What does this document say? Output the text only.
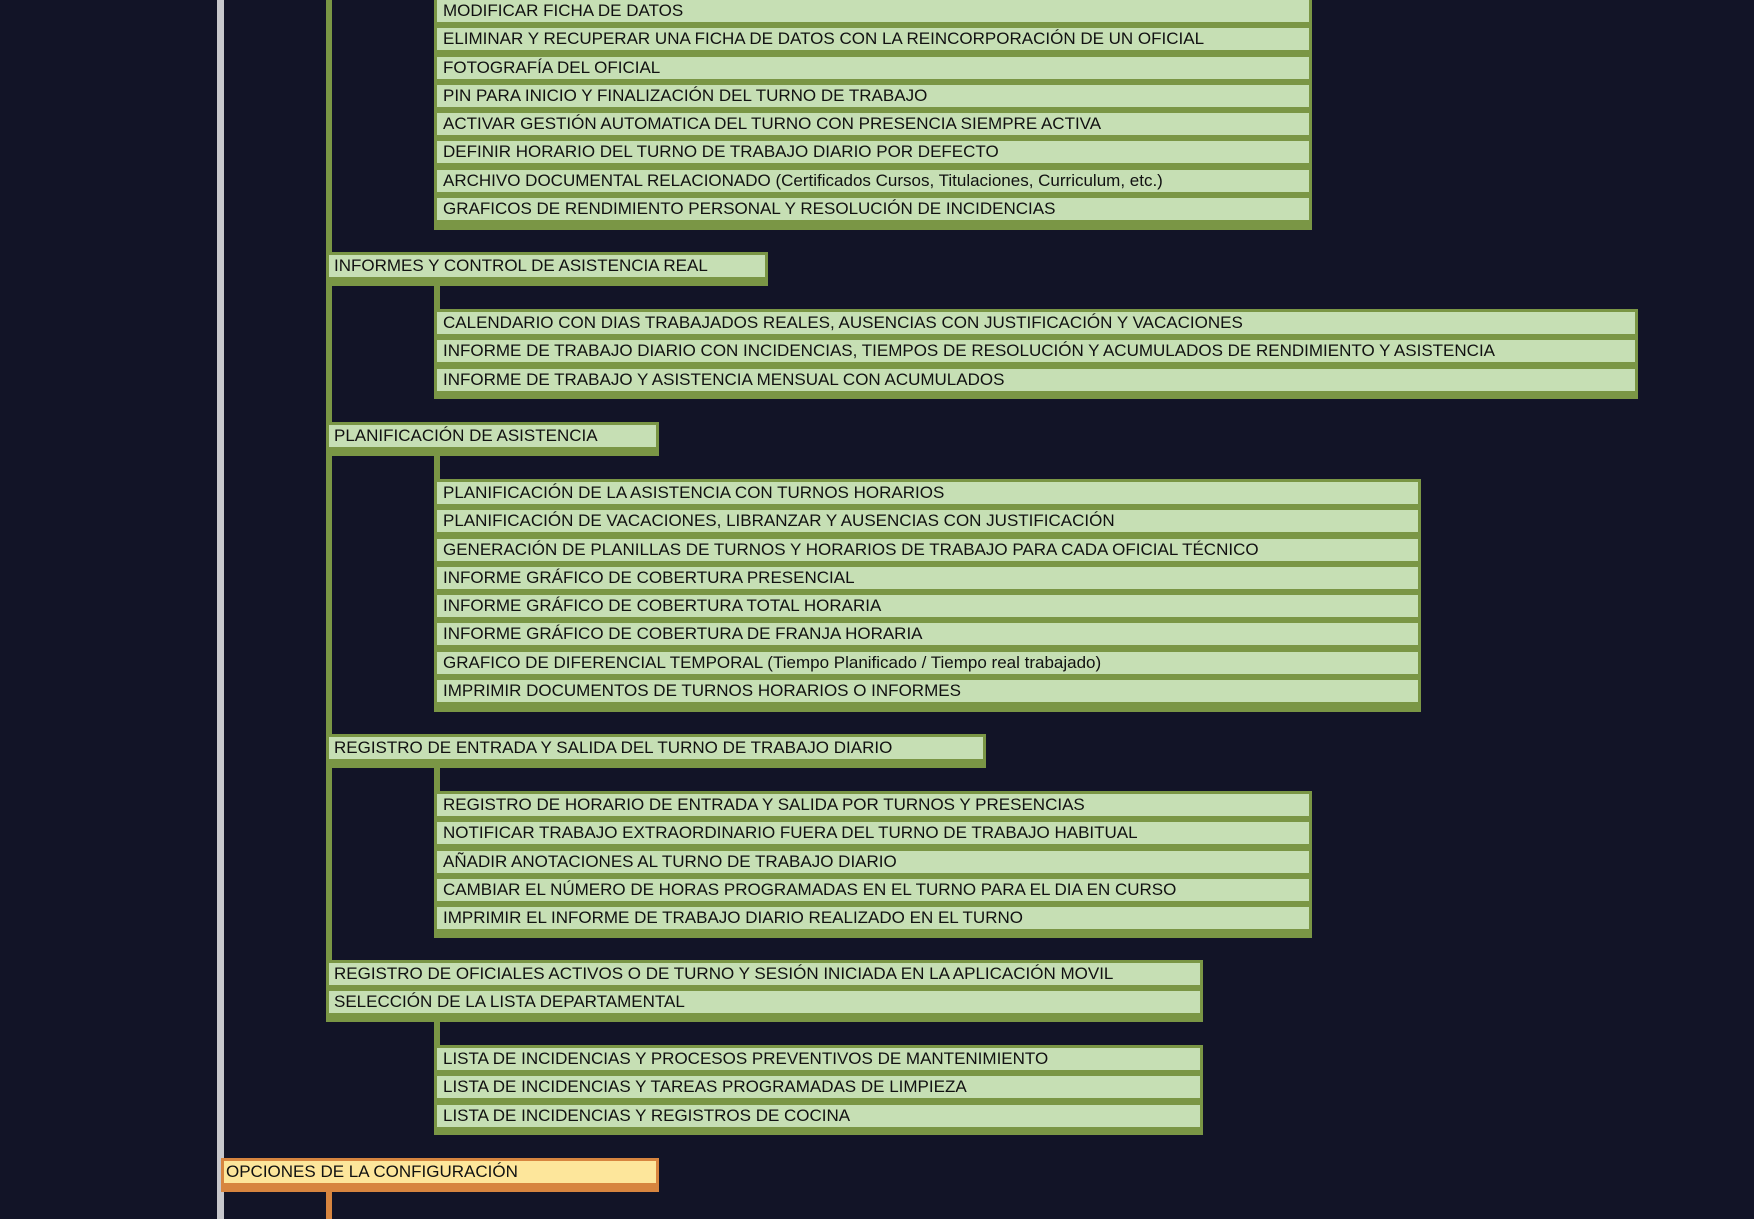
MODIFICAR FICHA DE DATOS
ELIMINAR Y RECUPERAR UNA FICHA DE DATOS CON LA REINCORPORACIÓN DE UN OFICIAL
FOTOGRAFÍA DEL OFICIAL
PIN PARA INICIO Y FINALIZACIÓN DEL TURNO DE TRABAJO
ACTIVAR GESTIÓN AUTOMATICA DEL TURNO CON PRESENCIA SIEMPRE ACTIVA
DEFINIR HORARIO DEL TURNO DE TRABAJO DIARIO POR DEFECTO
ARCHIVO DOCUMENTAL RELACIONADO (Certificados Cursos, Titulaciones, Curriculum, etc.)
GRAFICOS DE RENDIMIENTO PERSONAL Y RESOLUCIÓN DE INCIDENCIAS
INFORMES Y CONTROL DE ASISTENCIA REAL
CALENDARIO CON DIAS TRABAJADOS REALES, AUSENCIAS CON JUSTIFICACIÓN Y VACACIONES
INFORME DE TRABAJO DIARIO CON INCIDENCIAS, TIEMPOS DE RESOLUCIÓN Y ACUMULADOS DE RENDIMIENTO Y ASISTENCIA
INFORME DE TRABAJO Y ASISTENCIA MENSUAL CON ACUMULADOS
PLANIFICACIÓN DE ASISTENCIA
PLANIFICACIÓN DE LA ASISTENCIA CON TURNOS HORARIOS
PLANIFICACIÓN DE VACACIONES, LIBRANZAR Y AUSENCIAS CON JUSTIFICACIÓN
GENERACIÓN DE PLANILLAS DE TURNOS Y HORARIOS DE TRABAJO PARA CADA OFICIAL TÉCNICO
INFORME GRÁFICO DE COBERTURA PRESENCIAL
INFORME GRÁFICO DE COBERTURA TOTAL HORARIA
INFORME GRÁFICO DE COBERTURA DE FRANJA HORARIA
GRAFICO DE DIFERENCIAL TEMPORAL (Tiempo Planificado / Tiempo real trabajado)
IMPRIMIR DOCUMENTOS DE TURNOS HORARIOS O INFORMES
REGISTRO DE ENTRADA Y SALIDA DEL TURNO DE TRABAJO DIARIO
REGISTRO DE HORARIO DE ENTRADA Y SALIDA POR TURNOS Y PRESENCIAS
NOTIFICAR TRABAJO EXTRAORDINARIO FUERA DEL TURNO DE TRABAJO HABITUAL
AÑADIR ANOTACIONES AL TURNO DE TRABAJO DIARIO
CAMBIAR EL NÚMERO DE HORAS PROGRAMADAS EN EL TURNO PARA EL DIA EN CURSO
IMPRIMIR EL INFORME DE TRABAJO DIARIO REALIZADO EN EL TURNO
REGISTRO DE OFICIALES ACTIVOS O DE TURNO Y SESIÓN INICIADA EN LA APLICACIÓN MOVIL
SELECCIÓN DE LA LISTA DEPARTAMENTAL
LISTA DE INCIDENCIAS Y PROCESOS PREVENTIVOS DE MANTENIMIENTO
LISTA DE INCIDENCIAS Y TAREAS PROGRAMADAS DE LIMPIEZA
LISTA DE INCIDENCIAS Y REGISTROS DE COCINA
OPCIONES DE LA CONFIGURACIÓN
